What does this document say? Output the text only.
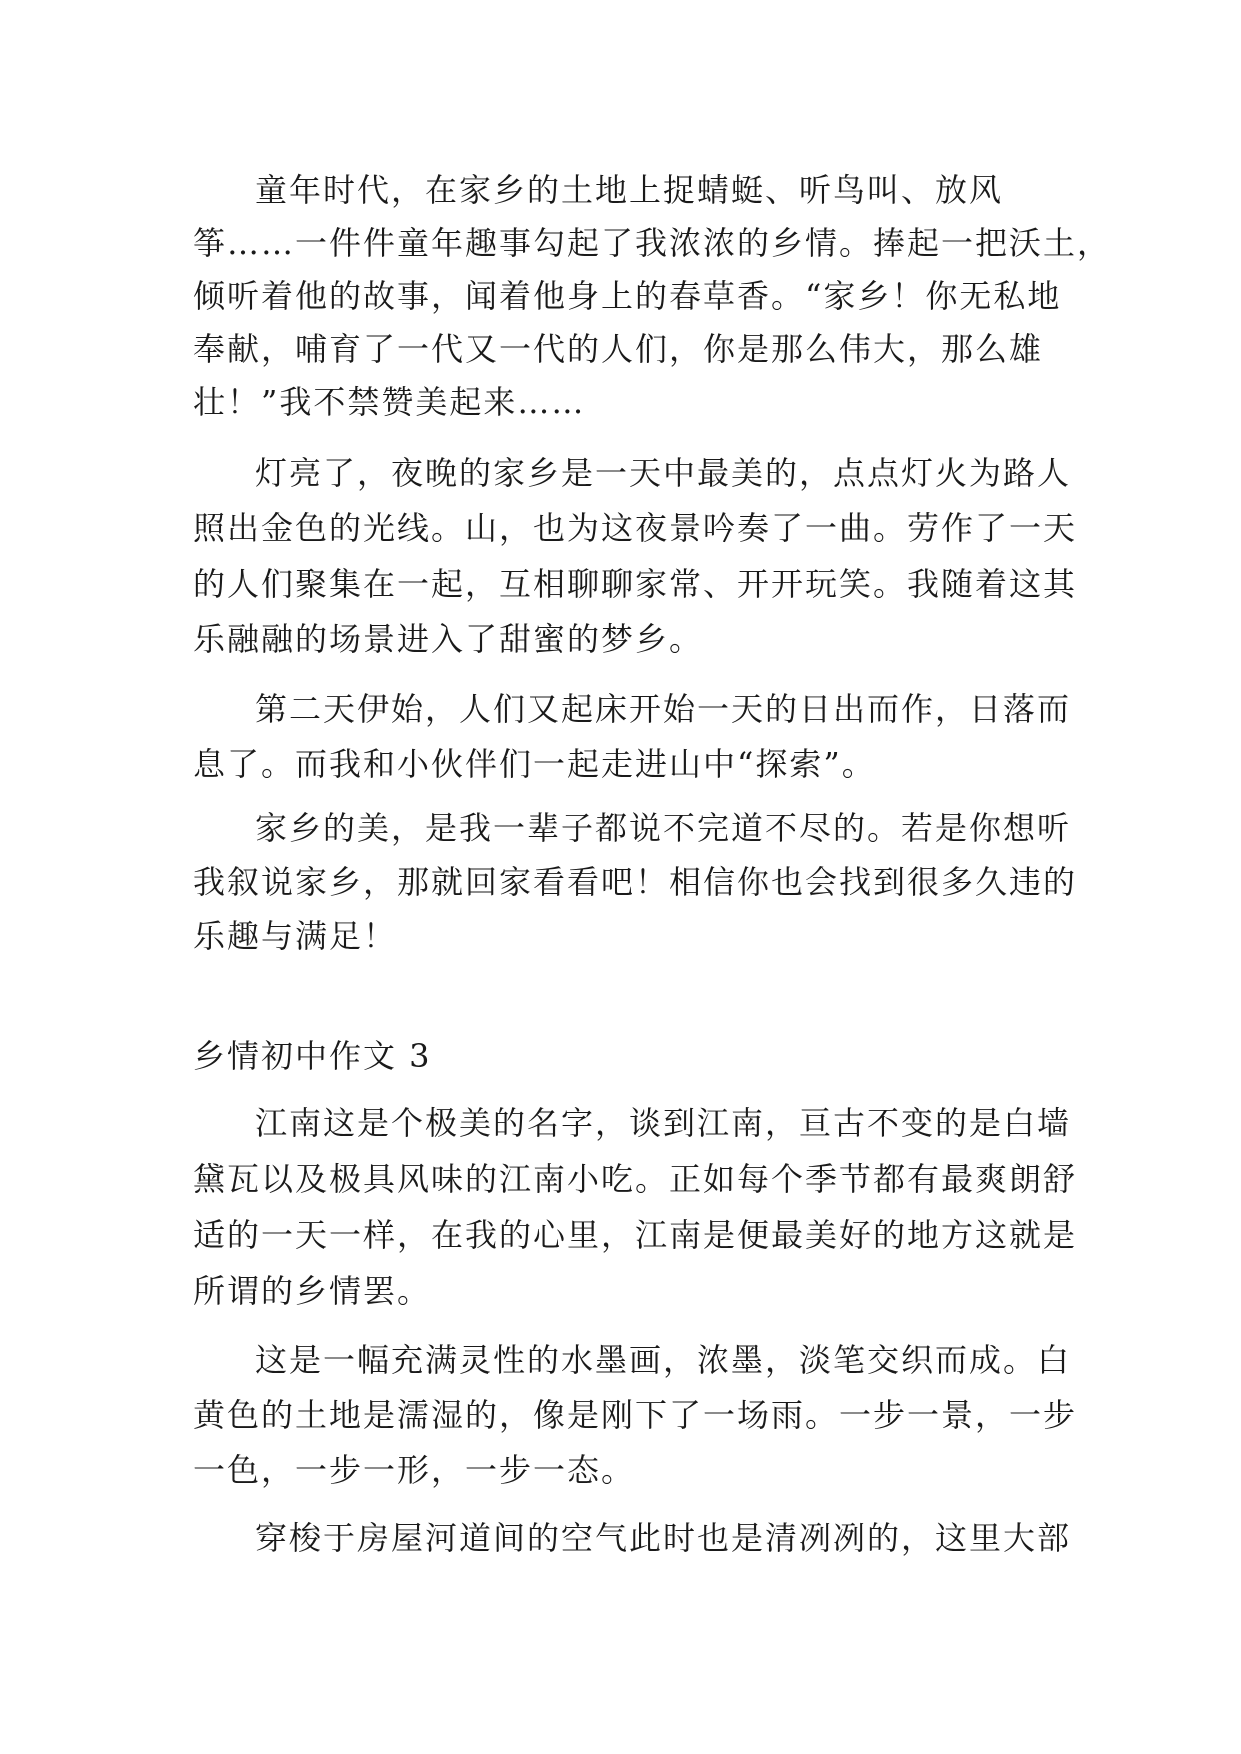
童年时代，在家乡的土地上捉蜻蜓、听鸟叫、放风
筝……一件件童年趣事勾起了我浓浓的乡情。捧起一把沃土，
倾听着他的故事，闻着他身上的春草香。“家乡！你无私地
奉献，哺育了一代又一代的人们，你是那么伟大，那么雄
壮！”我不禁赞美起来……
灯亮了，夜晚的家乡是一天中最美的，点点灯火为路人
照出金色的光线。山，也为这夜景吟奏了一曲。劳作了一天
的人们聚集在一起，互相聊聊家常、开开玩笑。我随着这其
乐融融的场景进入了甜蜜的梦乡。
第二天伊始，人们又起床开始一天的日出而作，日落而
息了。而我和小伙伴们一起走进山中“探索”。
家乡的美，是我一辈子都说不完道不尽的。若是你想听
我叙说家乡，那就回家看看吧！相信你也会找到很多久违的
乐趣与满足！
乡情初中作文 3
江南这是个极美的名字，谈到江南，亘古不变的是白墙
黛瓦以及极具风味的江南小吃。正如每个季节都有最爽朗舒
适的一天一样，在我的心里，江南是便最美好的地方这就是
所谓的乡情罢。
这是一幅充满灵性的水墨画，浓墨，淡笔交织而成。白
黄色的土地是濡湿的，像是刚下了一场雨。一步一景，一步
一色，一步一形，一步一态。
穿梭于房屋河道间的空气此时也是清冽冽的，这里大部
